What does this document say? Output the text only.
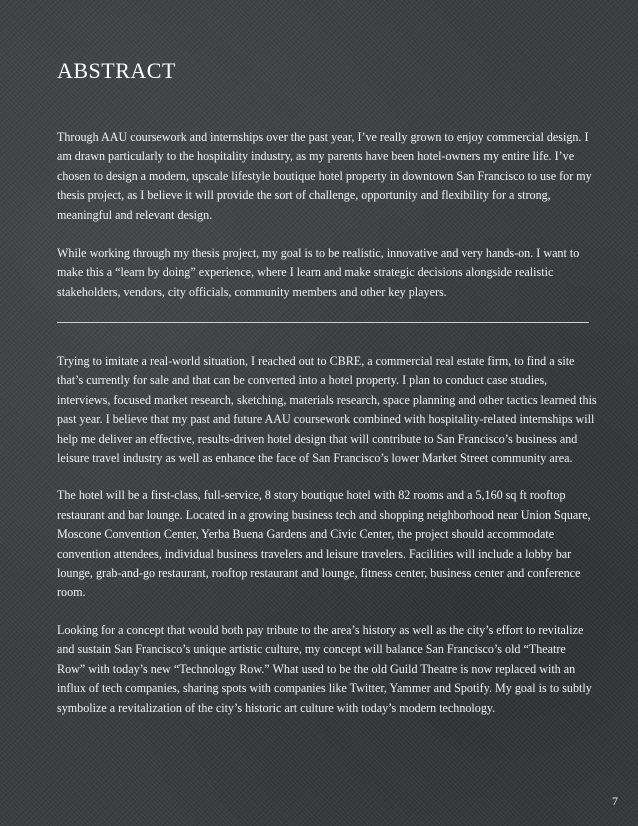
ABSTRACT

Through AAU coursework and internships over the past year, I’ve really grown to enjoy commercial design. I am drawn particularly to the hospitality industry, as my parents have been hotel-owners my entire life. I’ve chosen to design a modern, upscale lifestyle boutique hotel property in downtown San Francisco to use for my thesis project, as I believe it will provide the sort of challenge, opportunity and flexibility for a strong, meaningful and relevant design.

While working through my thesis project, my goal is to be realistic, innovative and very hands-on. I want to make this a “learn by doing” experience, where I learn and make strategic decisions alongside realistic stakeholders, vendors, city officials, community members and other key players.

Trying to imitate a real-world situation, I reached out to CBRE, a commercial real estate firm, to find a site that’s currently for sale and that can be converted into a hotel property. I plan to conduct case studies, interviews, focused market research, sketching, materials research, space planning and other tactics learned this past year. I believe that my past and future AAU coursework combined with hospitality-related internships will help me deliver an effective, results-driven hotel design that will contribute to San Francisco’s business and leisure travel industry as well as enhance the face of San Francisco’s lower Market Street community area.

The hotel will be a first-class, full-service, 8 story boutique hotel with 82 rooms and a 5,160 sq ft rooftop restaurant and bar lounge. Located in a growing business tech and shopping neighborhood near Union Square, Moscone Convention Center, Yerba Buena Gardens and Civic Center, the project should accommodate convention attendees, individual business travelers and leisure travelers. Facilities will include a lobby bar lounge, grab-and-go restaurant, rooftop restaurant and lounge, fitness center, business center and conference room.

Looking for a concept that would both pay tribute to the area’s history as well as the city’s effort to revitalize and sustain San Francisco’s unique artistic culture, my concept will balance San Francisco’s old “Theatre Row” with today’s new “Technology Row.” What used to be the old Guild Theatre is now replaced with an influx of tech companies, sharing spots with companies like Twitter, Yammer and Spotify. My goal is to subtly symbolize a revitalization of the city’s historic art culture with today’s modern technology.

7
